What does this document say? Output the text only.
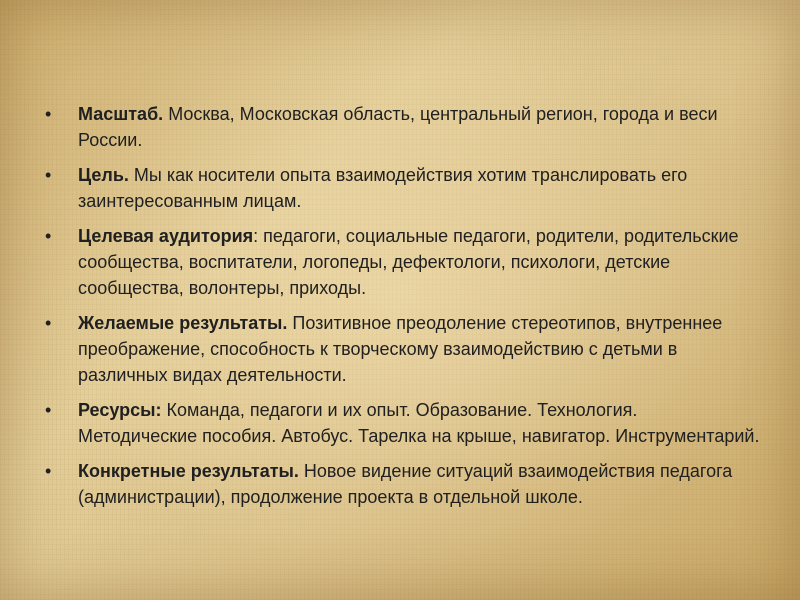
• Масштаб. Москва, Московская область, центральный регион, города и веси России.
• Цель. Мы как носители опыта взаимодействия хотим транслировать его заинтересованным лицам.
• Целевая аудитория: педагоги, социальные педагоги, родители, родительские сообщества, воспитатели, логопеды, дефектологи, психологи, детские сообщества, волонтеры, приходы.
• Желаемые результаты. Позитивное преодоление стереотипов, внутреннее преображение, способность к творческому взаимодействию с детьми в различных видах деятельности.
• Ресурсы: Команда, педагоги и их опыт. Образование. Технология. Методические пособия. Автобус. Тарелка на крыше, навигатор. Инструментарий.
• Конкретные результаты. Новое видение ситуаций взаимодействия педагога (администрации), продолжение проекта в отдельной школе.
